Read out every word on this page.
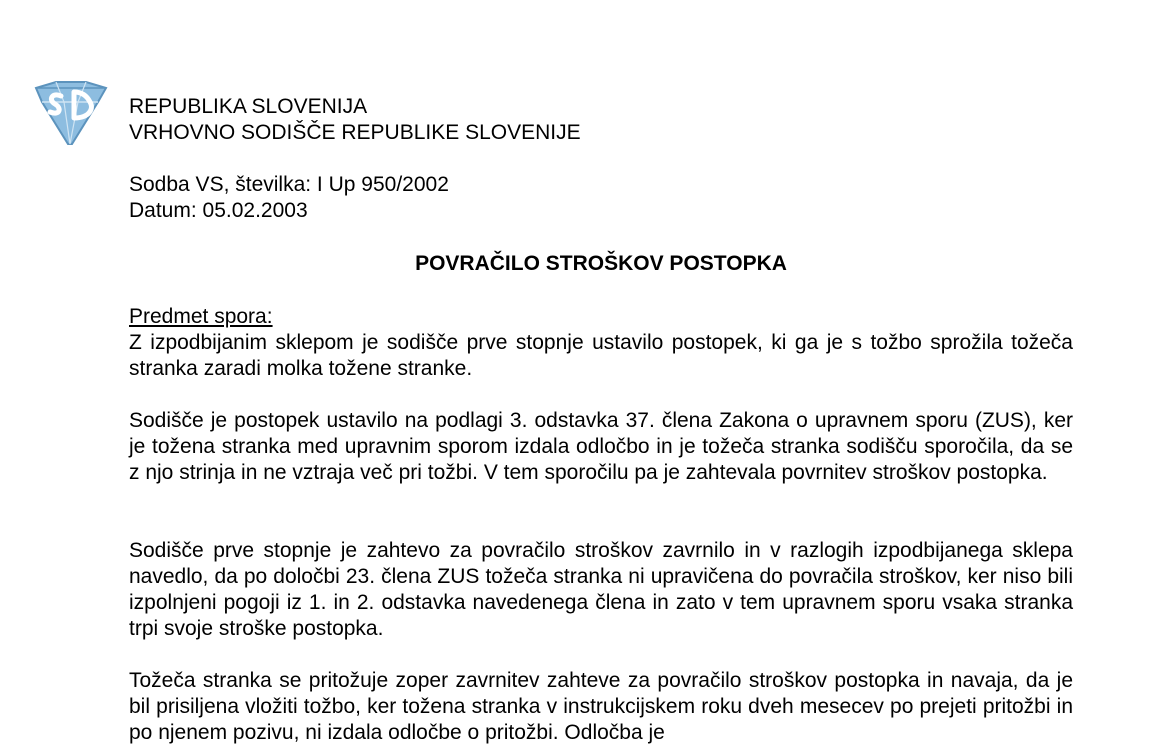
REPUBLIKA SLOVENIJA
VRHOVNO SODIŠČE REPUBLIKE SLOVENIJE
Sodba VS, številka: I Up 950/2002
Datum: 05.02.2003
POVRAČILO STROŠKOV POSTOPKA
Predmet spora:

Z izpodbijanim sklepom je sodišče prve stopnje ustavilo postopek, ki ga je s tožbo sprožila tožeča stranka zaradi molka tožene stranke.

Sodišče je postopek ustavilo na podlagi 3. odstavka 37. člena Zakona o upravnem sporu (ZUS), ker je tožena stranka med upravnim sporom izdala odločbo in je tožeča stranka sodišču sporočila, da se z njo strinja in ne vztraja več pri tožbi. V tem sporočilu pa je zahtevala povrnitev stroškov postopka.

Sodišče prve stopnje je zahtevo za povračilo stroškov zavrnilo in v razlogih izpodbijanega sklepa navedlo, da po določbi 23. člena ZUS tožeča stranka ni upravičena do povračila stroškov, ker niso bili izpolnjeni pogoji iz 1. in 2. odstavka navedenega člena in zato v tem upravnem sporu vsaka stranka trpi svoje stroške postopka.

Tožeča stranka se pritožuje zoper zavrnitev zahteve za povračilo stroškov postopka in navaja, da je bil prisiljena vložiti tožbo, ker tožena stranka v instrukcijskem roku dveh mesecev po prejeti pritožbi in po njenem pozivu, ni izdala odločbe o pritožbi. Odločba je
